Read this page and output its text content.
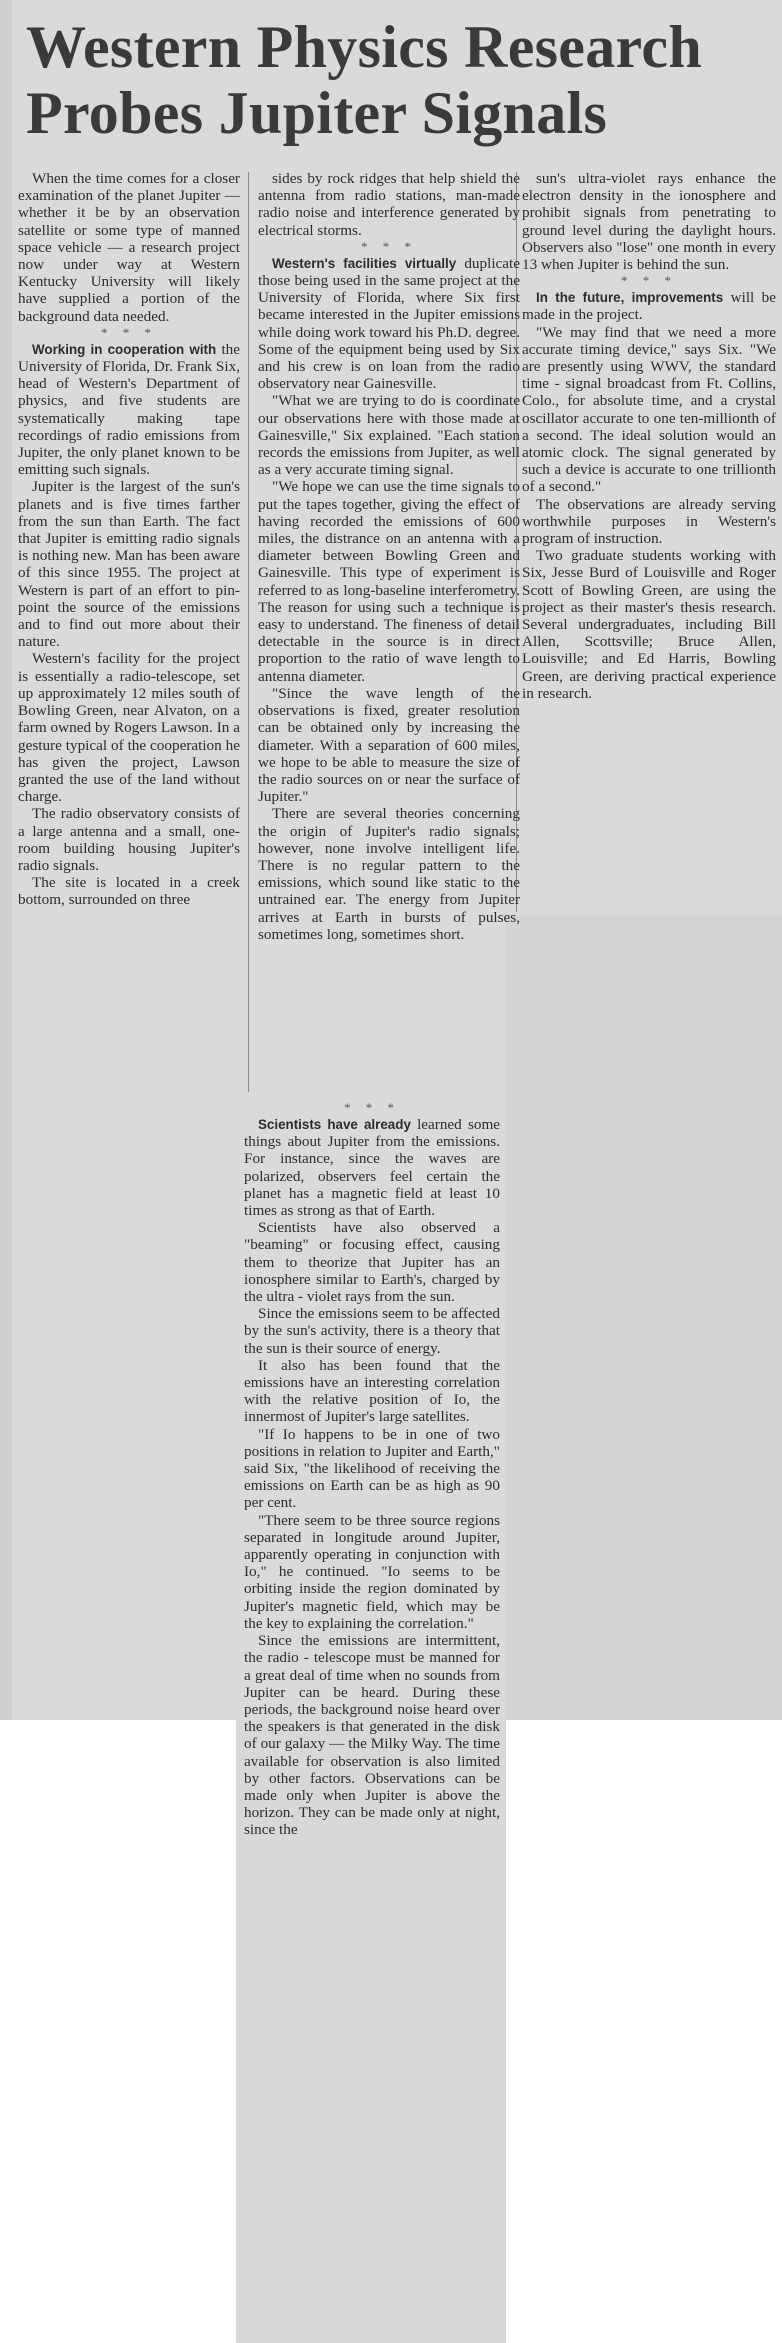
Western Physics Research
Probes Jupiter Signals

When the time comes for a closer examination of the planet Jupiter — whether it be by an observation satellite or some type of manned space vehicle — a research project now under way at Western Kentucky University will likely have supplied a portion of the background data needed.

* * *

Working in cooperation with the University of Florida, Dr. Frank Six, head of Western's Department of physics, and five students are systematically making tape recordings of radio emissions from Jupiter, the only planet known to be emitting such signals.

Jupiter is the largest of the sun's planets and is five times farther from the sun than Earth. The fact that Jupiter is emitting radio signals is nothing new. Man has been aware of this since 1955. The project at Western is part of an effort to pin-point the source of the emissions and to find out more about their nature.

Western's facility for the project is essentially a radio-telescope, set up approximately 12 miles south of Bowling Green, near Alvaton, on a farm owned by Rogers Lawson. In a gesture typical of the cooperation he has given the project, Lawson granted the use of the land without charge.

The radio observatory consists of a large antenna and a small, one-room building housing Jupiter's radio signals.

The site is located in a creek bottom, surrounded on three

sides by rock ridges that help shield the antenna from radio stations, man-made radio noise and interference generated by electrical storms.

* * *

Western's facilities virtually duplicate those being used in the same project at the University of Florida, where Six first became interested in the Jupiter emissions while doing work toward his Ph.D. degree. Some of the equipment being used by Six and his crew is on loan from the radio observatory near Gainesville.

"What we are trying to do is coordinate our observations here with those made at Gainesville," Six explained. "Each station records the emissions from Jupiter, as well as a very accurate timing signal.

"We hope we can use the time signals to put the tapes together, giving the effect of having recorded the emissions of 600 miles, the distrance on an antenna with a diameter between Bowling Green and Gainesville. This type of experiment is referred to as long-baseline interferometry. The reason for using such a technique is easy to understand. The fineness of detail detectable in the source is in direct proportion to the ratio of wave length to antenna diameter.

"Since the wave length of the observations is fixed, greater resolution can be obtained only by increasing the diameter. With a separation of 600 miles, we hope to be able to measure the size of the radio sources on or near the surface of Jupiter."

There are several theories concerning the origin of Jupiter's radio signals; however, none involve intelligent life. There is no regular pattern to the emissions, which sound like static to the untrained ear. The energy from Jupiter arrives at Earth in bursts of pulses, sometimes long, sometimes short.

sun's ultra-violet rays enhance the electron density in the ionosphere and prohibit signals from penetrating to ground level during the daylight hours. Observers also "lose" one month in every 13 when Jupiter is behind the sun.

* * *

In the future, improvements will be made in the project.

"We may find that we need a more accurate timing device," says Six. "We are presently using WWV, the standard time - signal broadcast from Ft. Collins, Colo., for absolute time, and a crystal oscillator accurate to one ten-millionth of a second. The ideal solution would an atomic clock. The signal generated by such a device is accurate to one trillionth of a second."

The observations are already serving worthwhile purposes in Western's program of instruction.

Two graduate students working with Six, Jesse Burd of Louisville and Roger Scott of Bowling Green, are using the project as their master's thesis research. Several undergraduates, including Bill Allen, Scottsville; Bruce Allen, Louisville; and Ed Harris, Bowling Green, are deriving practical experience in research.

* * *

Scientists have already learned some things about Jupiter from the emissions. For instance, since the waves are polarized, observers feel certain the planet has a magnetic field at least 10 times as strong as that of Earth.

Scientists have also observed a "beaming" or focusing effect, causing them to theorize that Jupiter has an ionosphere similar to Earth's, charged by the ultra - violet rays from the sun.

Since the emissions seem to be affected by the sun's activity, there is a theory that the sun is their source of energy.

It also has been found that the emissions have an interesting correlation with the relative position of Io, the innermost of Jupiter's large satellites.

"If Io happens to be in one of two positions in relation to Jupiter and Earth," said Six, "the likelihood of receiving the emissions on Earth can be as high as 90 per cent.

"There seem to be three source regions separated in longitude around Jupiter, apparently operating in conjunction with Io," he continued. "Io seems to be orbiting inside the region dominated by Jupiter's magnetic field, which may be the key to explaining the correlation."

Since the emissions are intermittent, the radio - telescope must be manned for a great deal of time when no sounds from Jupiter can be heard. During these periods, the background noise heard over the speakers is that generated in the disk of our galaxy — the Milky Way. The time available for observation is also limited by other factors. Observations can be made only when Jupiter is above the horizon. They can be made only at night, since the
